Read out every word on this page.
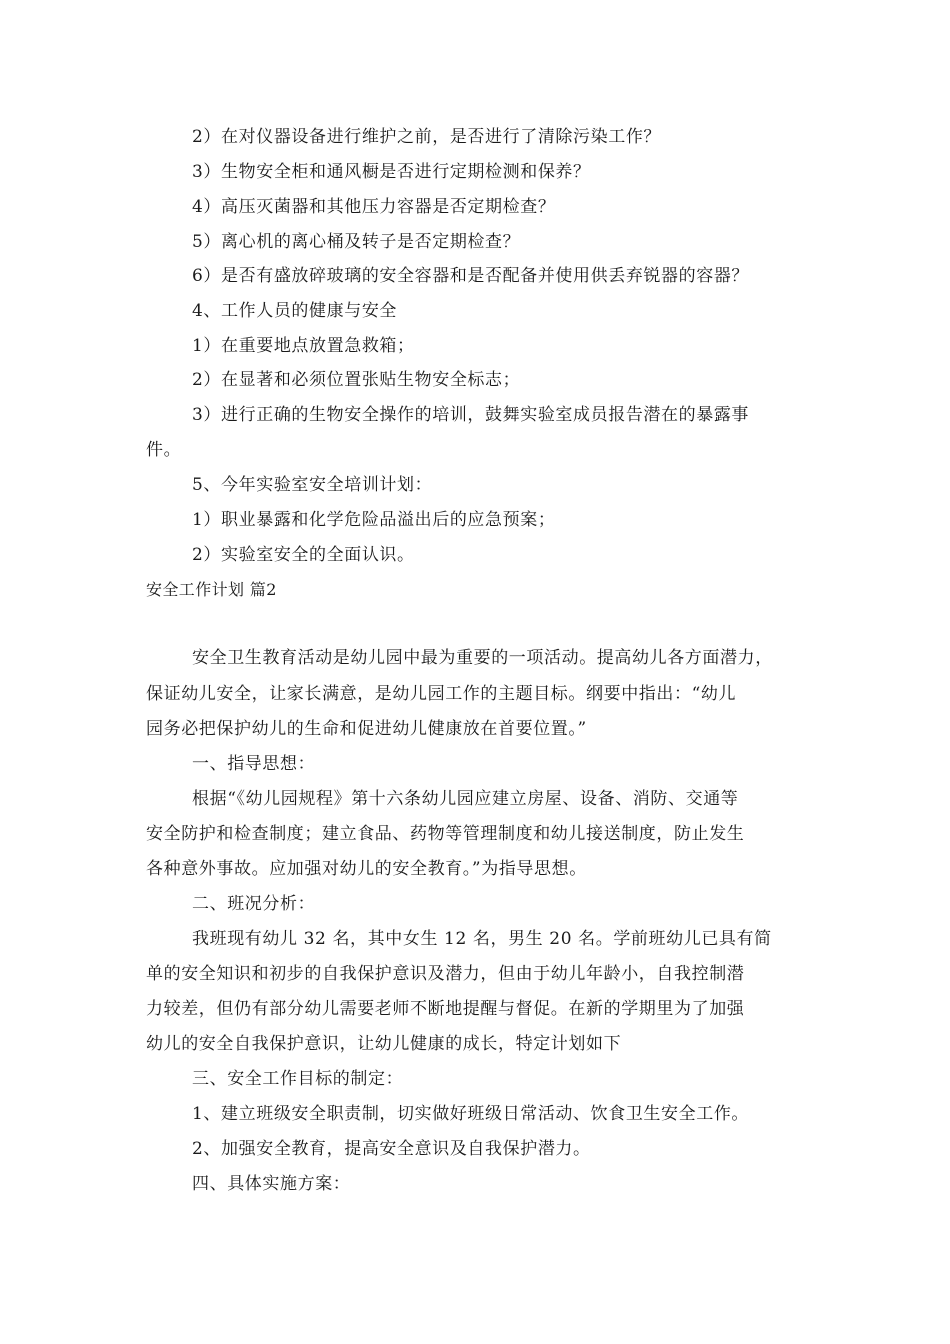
2）在对仪器设备进行维护之前，是否进行了清除污染工作？
3）生物安全柜和通风橱是否进行定期检测和保养？
4）高压灭菌器和其他压力容器是否定期检查？
5）离心机的离心桶及转子是否定期检查？
6）是否有盛放碎玻璃的安全容器和是否配备并使用供丢弃锐器的容器？
4、工作人员的健康与安全
1）在重要地点放置急救箱；
2）在显著和必须位置张贴生物安全标志；
3）进行正确的生物安全操作的培训，鼓舞实验室成员报告潜在的暴露事
件。
5、今年实验室安全培训计划：
1）职业暴露和化学危险品溢出后的应急预案；
2）实验室安全的全面认识。
安全工作计划 篇2
安全卫生教育活动是幼儿园中最为重要的一项活动。提高幼儿各方面潜力，
保证幼儿安全，让家长满意，是幼儿园工作的主题目标。纲要中指出：“幼儿
园务必把保护幼儿的生命和促进幼儿健康放在首要位置。”
一、指导思想：
根据“《幼儿园规程》第十六条幼儿园应建立房屋、设备、消防、交通等
安全防护和检查制度；建立食品、药物等管理制度和幼儿接送制度，防止发生
各种意外事故。应加强对幼儿的安全教育。”为指导思想。
二、班况分析：
我班现有幼儿 32 名，其中女生 12 名，男生 20 名。学前班幼儿已具有简
单的安全知识和初步的自我保护意识及潜力，但由于幼儿年龄小，自我控制潜
力较差，但仍有部分幼儿需要老师不断地提醒与督促。在新的学期里为了加强
幼儿的安全自我保护意识，让幼儿健康的成长，特定计划如下
三、安全工作目标的制定：
1、建立班级安全职责制，切实做好班级日常活动、饮食卫生安全工作。
2、加强安全教育，提高安全意识及自我保护潜力。
四、具体实施方案：
